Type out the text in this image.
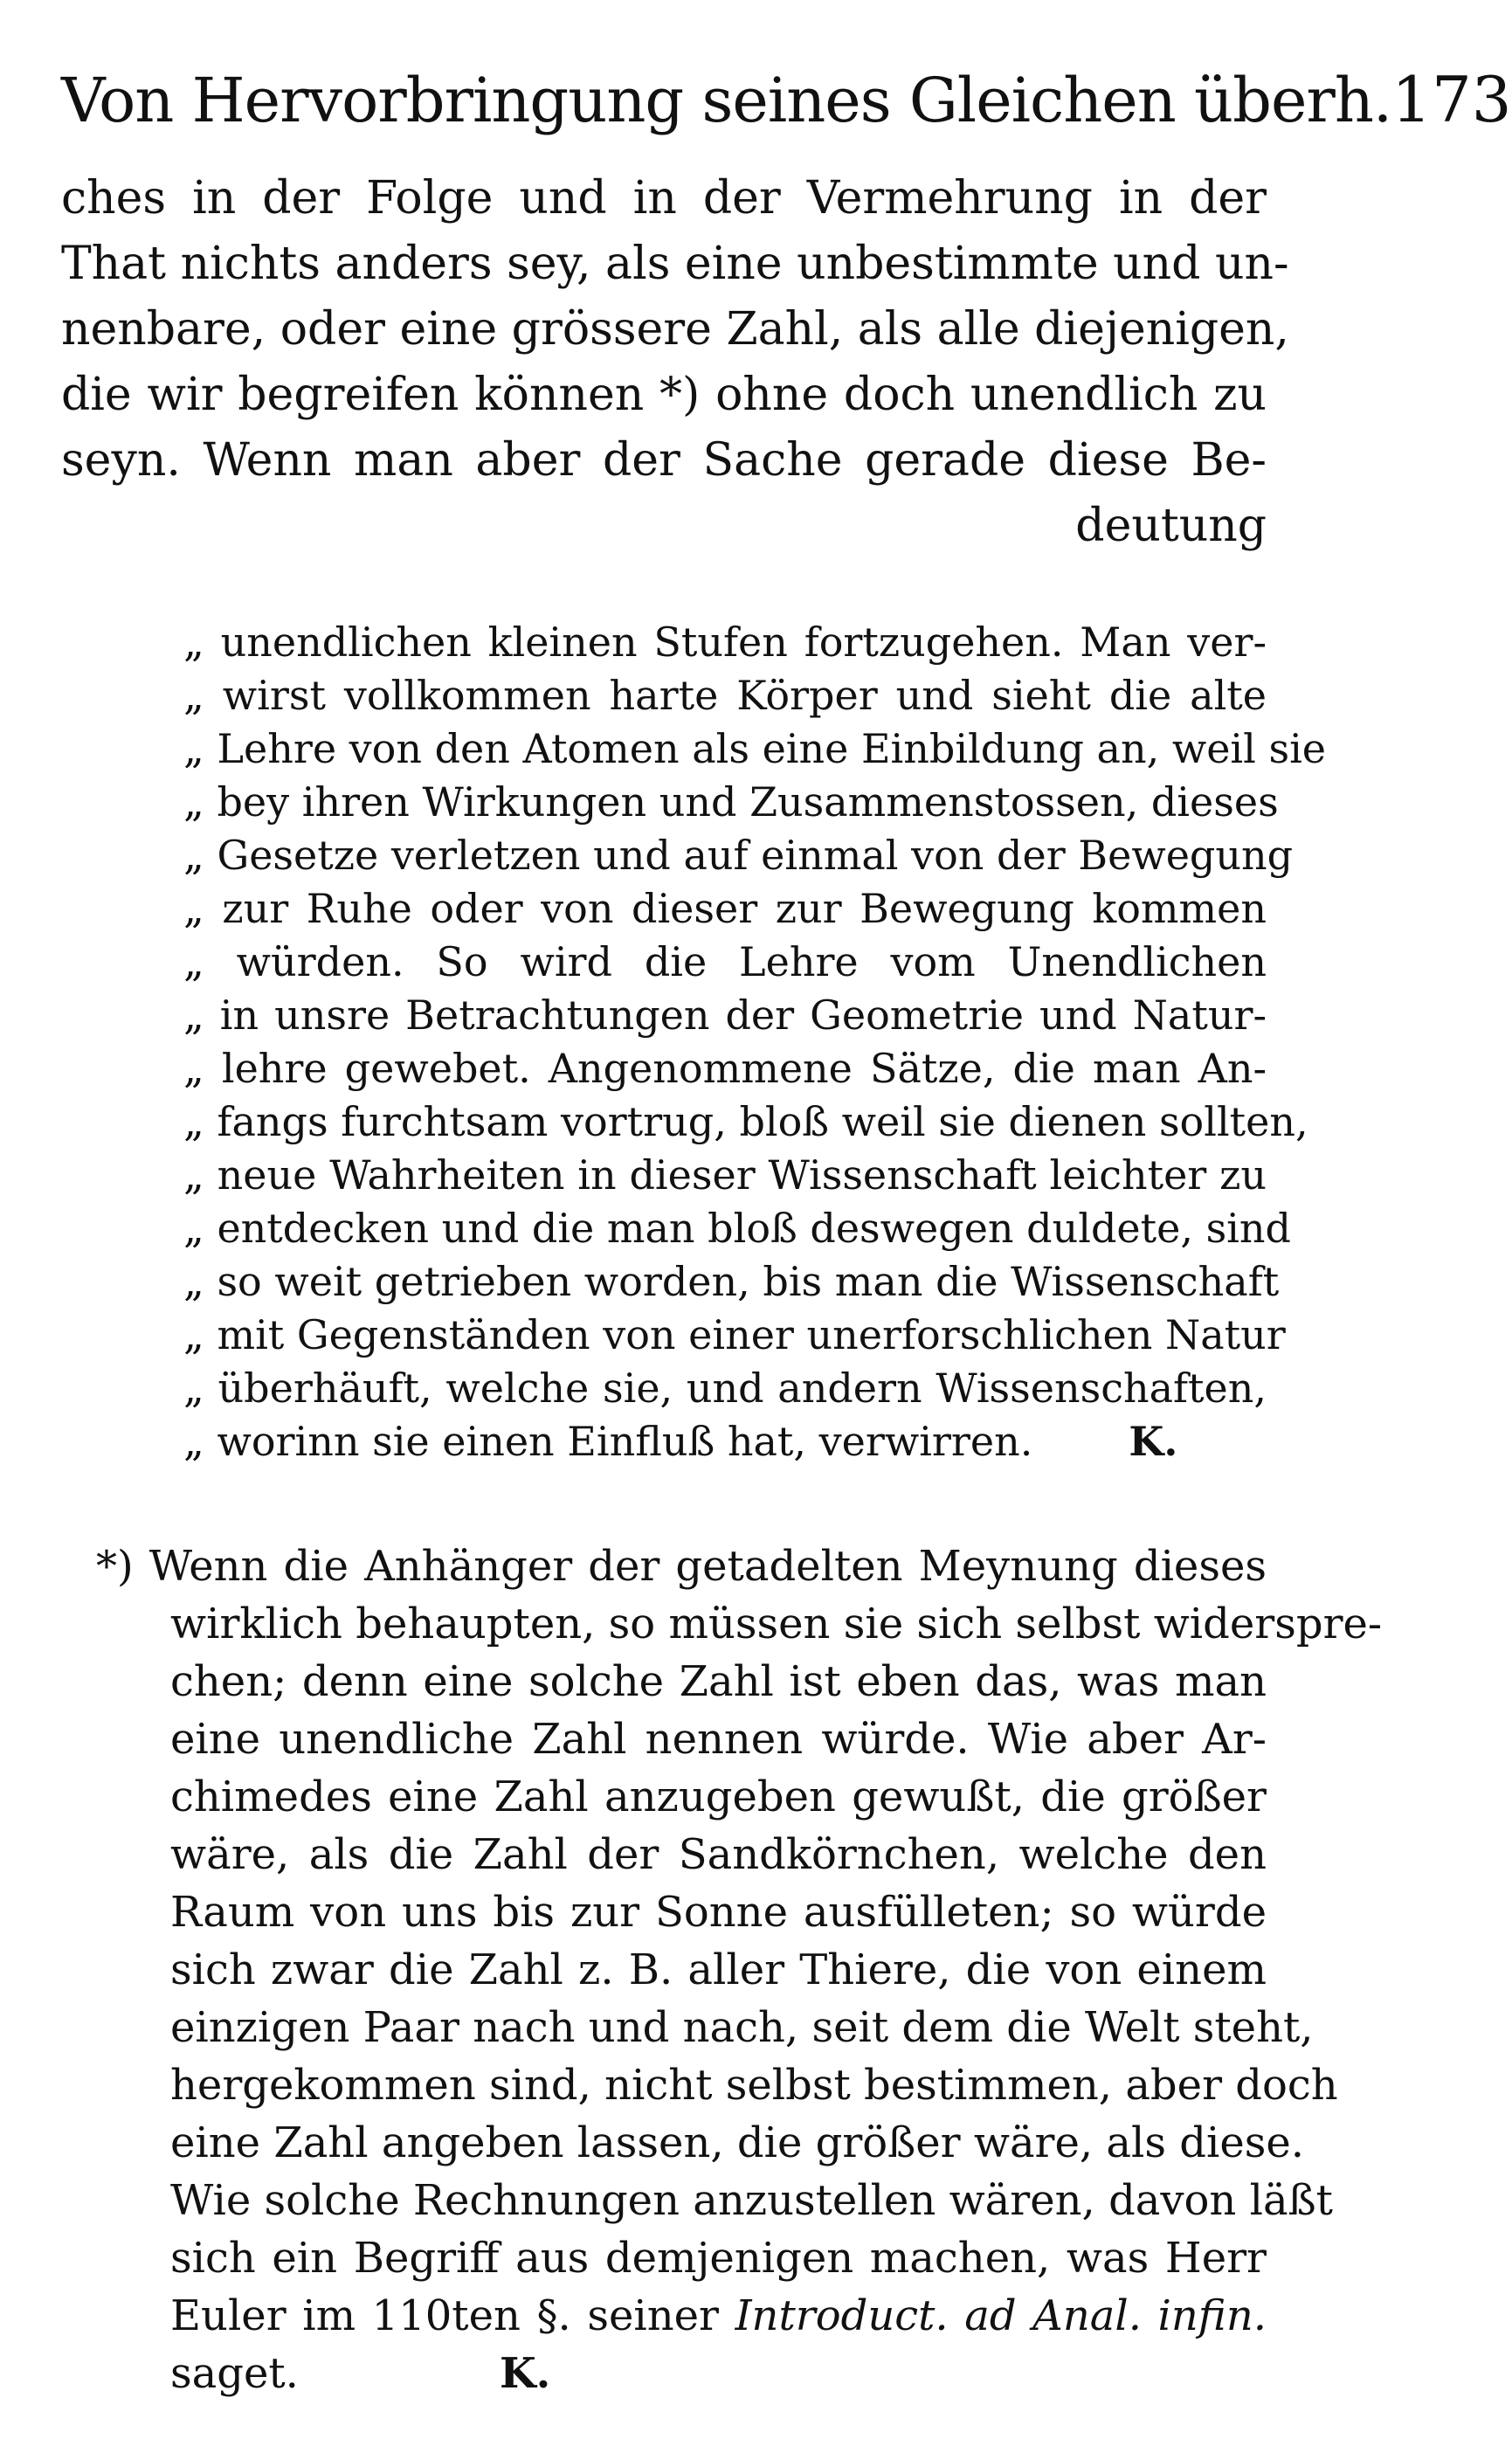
Von Hervorbringung seines Gleichen überh. 173
ches in der Folge und in der Vermehrung in der
That nichts anders sey, als eine unbestimmte und un-
nenbare, oder eine grössere Zahl, als alle diejenigen,
die wir begreifen können *) ohne doch unendlich zu
seyn. Wenn man aber der Sache gerade diese Be-
deutung
„ unendlichen kleinen Stufen fortzugehen. Man ver-
„ wirst vollkommen harte Körper und sieht die alte
„ Lehre von den Atomen als eine Einbildung an, weil sie
„ bey ihren Wirkungen und Zusammenstossen, dieses
„ Gesetze verletzen und auf einmal von der Bewegung
„ zur Ruhe oder von dieser zur Bewegung kommen
„ würden. So wird die Lehre vom Unendlichen
„ in unsre Betrachtungen der Geometrie und Natur-
„ lehre gewebet. Angenommene Sätze, die man An-
„ fangs furchtsam vortrug, bloß weil sie dienen sollten,
„ neue Wahrheiten in dieser Wissenschaft leichter zu
„ entdecken und die man bloß deswegen duldete, sind
„ so weit getrieben worden, bis man die Wissenschaft
„ mit Gegenständen von einer unerforschlichen Natur
„ überhäuft, welche sie, und andern Wissenschaften,
„ worinn sie einen Einfluß hat, verwirren. K.
*) Wenn die Anhänger der getadelten Meynung dieses
wirklich behaupten, so müssen sie sich selbst widersprе-
chen; denn eine solche Zahl ist eben das, was man
eine unendliche Zahl nennen würde. Wie aber Ar-
chimedes eine Zahl anzugeben gewußt, die größer
wäre, als die Zahl der Sandkörnchen, welche den
Raum von uns bis zur Sonne ausfülleten; so würde
sich zwar die Zahl z. B. aller Thiere, die von einem
einzigen Paar nach und nach, seit dem die Welt steht,
hergekommen sind, nicht selbst bestimmen, aber doch
eine Zahl angeben lassen, die größer wäre, als diese.
Wie solche Rechnungen anzustellen wären, davon läßt
sich ein Begriff aus demjenigen machen, was Herr
Euler im 110ten §. seiner Introduct. ad Anal. infin.
saget.	K.
